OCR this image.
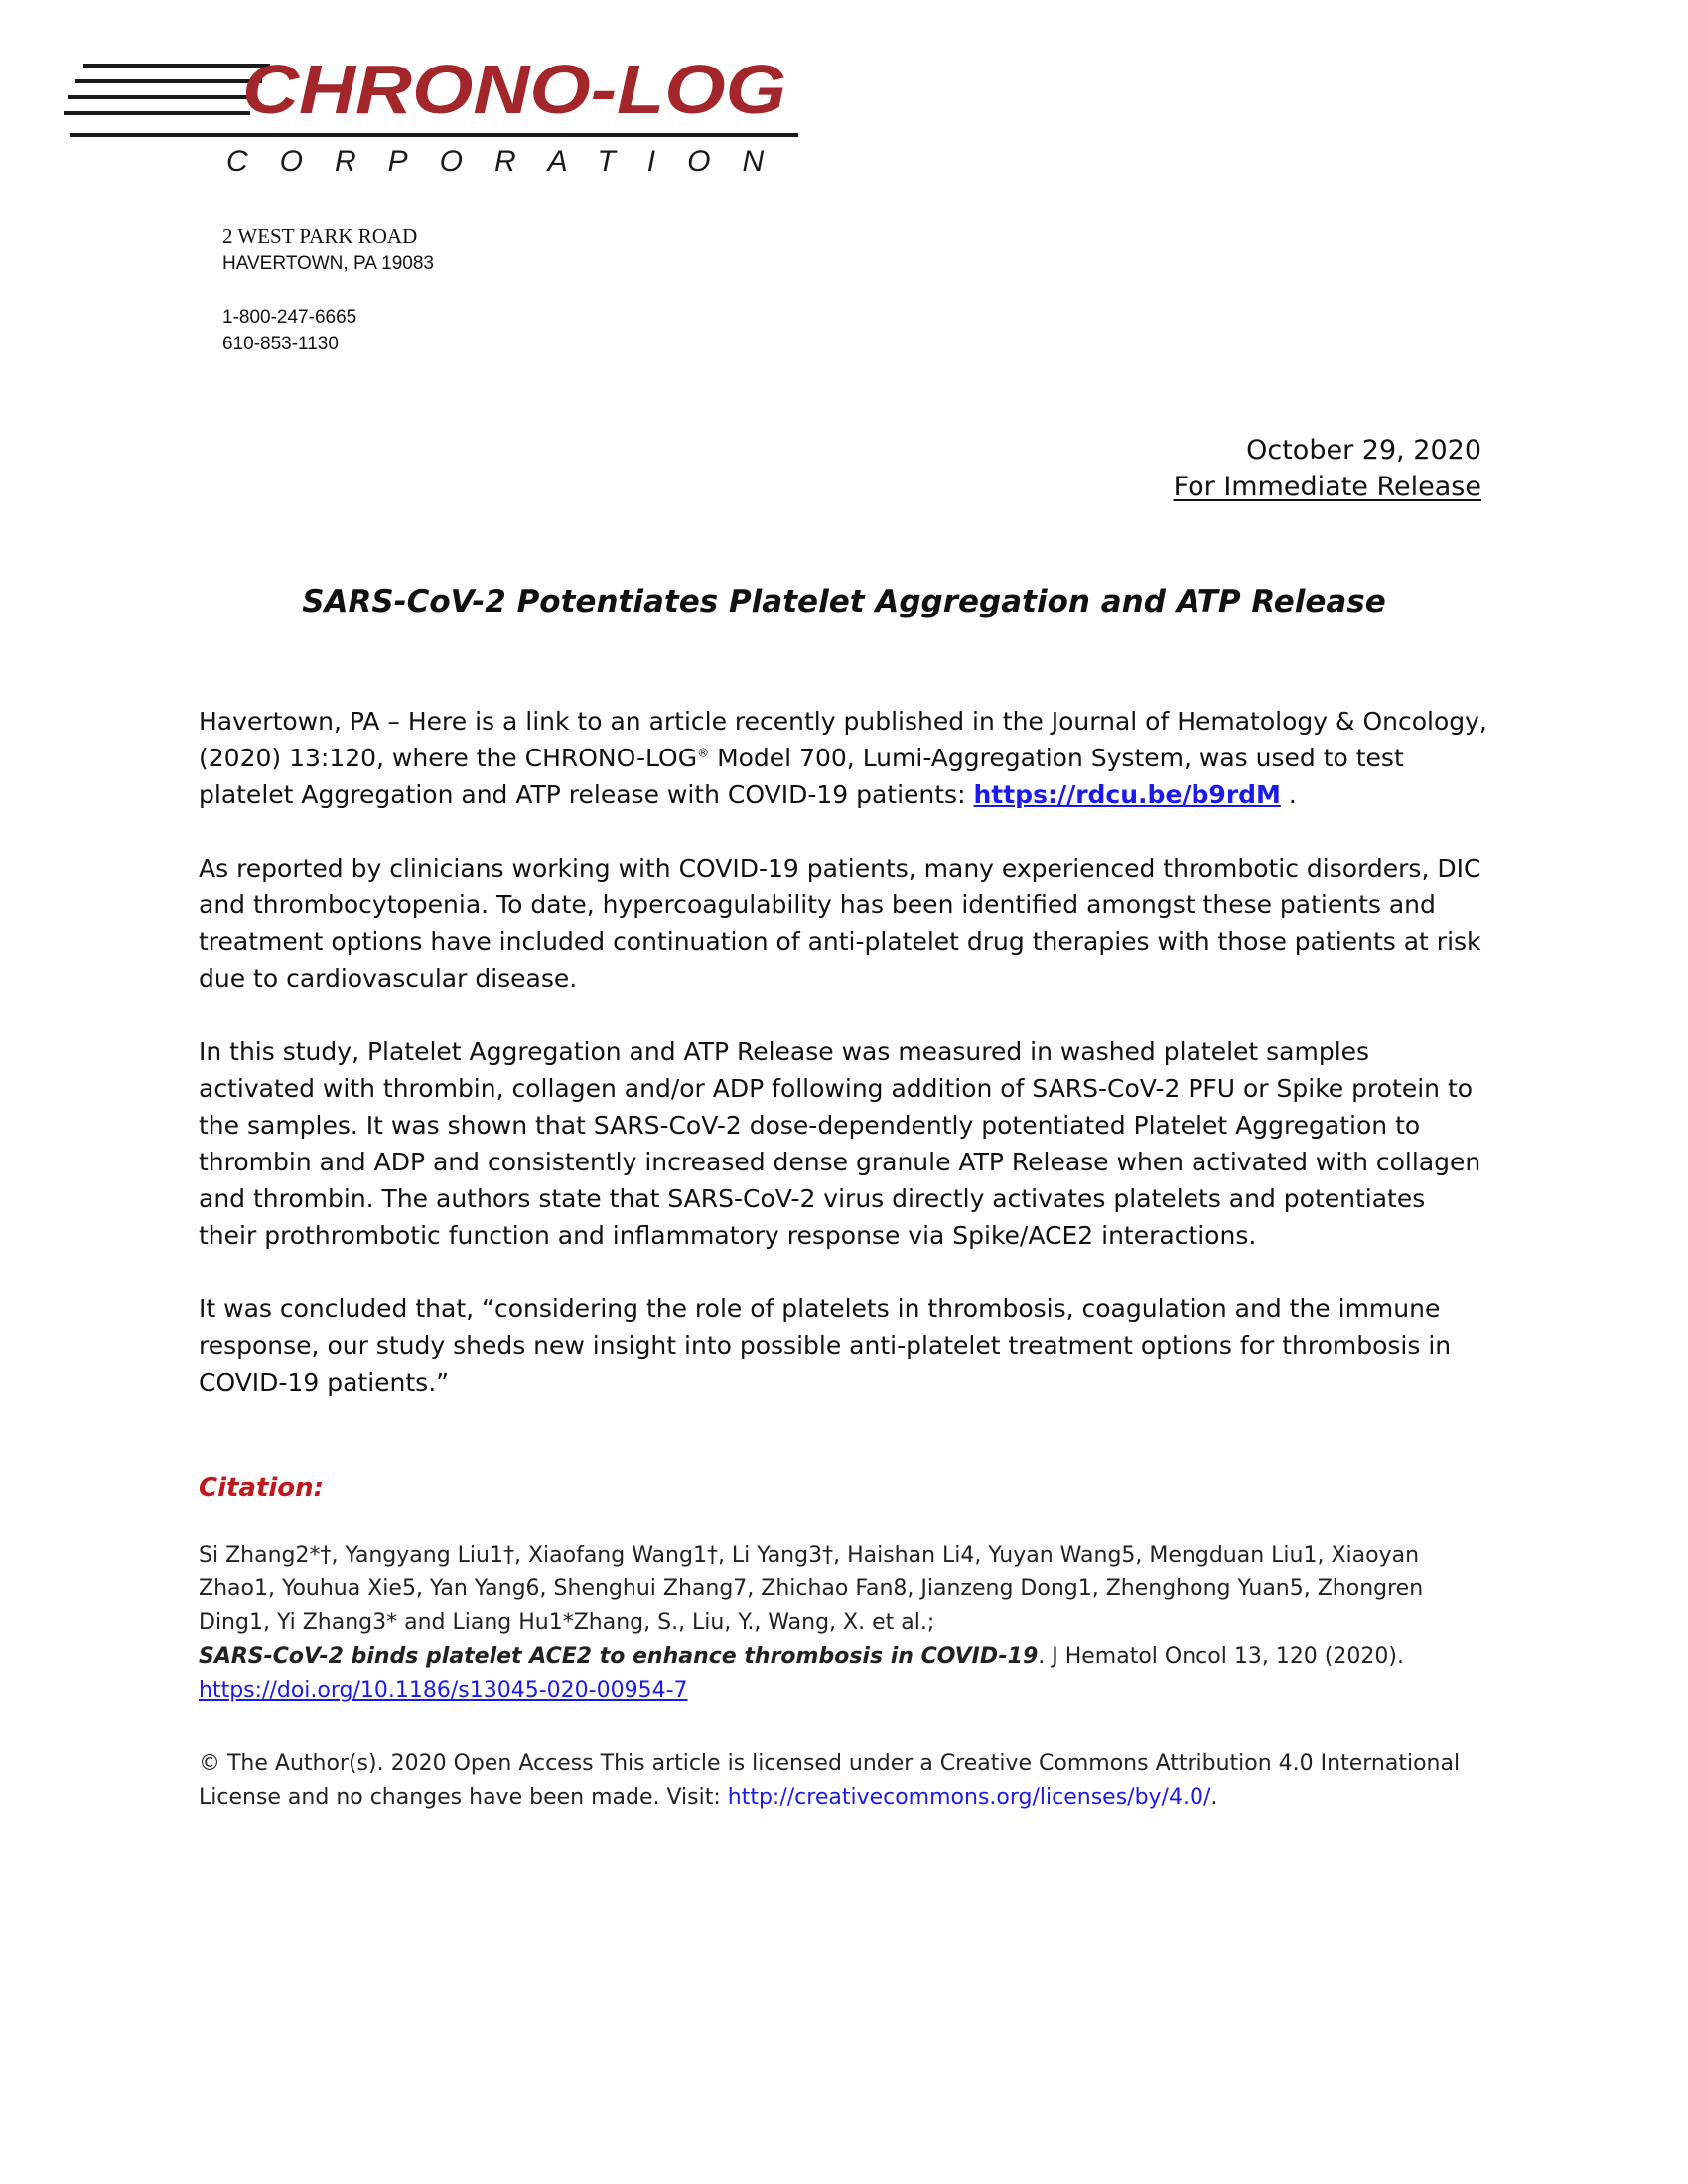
CHRONO-LOG
CORPORATION
2 WEST PARK ROAD
HAVERTOWN, PA 19083
1-800-247-6665
610-853-1130
October 29, 2020
For Immediate Release
SARS-CoV-2 Potentiates Platelet Aggregation and ATP Release

Havertown, PA – Here is a link to an article recently published in the Journal of Hematology & Oncology, (2020) 13:120, where the CHRONO-LOG® Model 700, Lumi-Aggregation System, was used to test platelet Aggregation and ATP release with COVID-19 patients: https://rdcu.be/b9rdM .

As reported by clinicians working with COVID-19 patients, many experienced thrombotic disorders, DIC and thrombocytopenia. To date, hypercoagulability has been identified amongst these patients and treatment options have included continuation of anti-platelet drug therapies with those patients at risk due to cardiovascular disease.

In this study, Platelet Aggregation and ATP Release was measured in washed platelet samples activated with thrombin, collagen and/or ADP following addition of SARS-CoV-2 PFU or Spike protein to the samples. It was shown that SARS-CoV-2 dose-dependently potentiated Platelet Aggregation to thrombin and ADP and consistently increased dense granule ATP Release when activated with collagen and thrombin. The authors state that SARS-CoV-2 virus directly activates platelets and potentiates their prothrombotic function and inflammatory response via Spike/ACE2 interactions.

It was concluded that, “considering the role of platelets in thrombosis, coagulation and the immune response, our study sheds new insight into possible anti-platelet treatment options for thrombosis in COVID-19 patients.”

Citation:
Si Zhang2*†, Yangyang Liu1†, Xiaofang Wang1†, Li Yang3†, Haishan Li4, Yuyan Wang5, Mengduan Liu1, Xiaoyan Zhao1, Youhua Xie5, Yan Yang6, Shenghui Zhang7, Zhichao Fan8, Jianzeng Dong1, Zhenghong Yuan5, Zhongren Ding1, Yi Zhang3* and Liang Hu1*Zhang, S., Liu, Y., Wang, X. et al.;
SARS-CoV-2 binds platelet ACE2 to enhance thrombosis in COVID-19. J Hematol Oncol 13, 120 (2020).
https://doi.org/10.1186/s13045-020-00954-7
© The Author(s). 2020 Open Access This article is licensed under a Creative Commons Attribution 4.0 International License and no changes have been made. Visit: http://creativecommons.org/licenses/by/4.0/.
